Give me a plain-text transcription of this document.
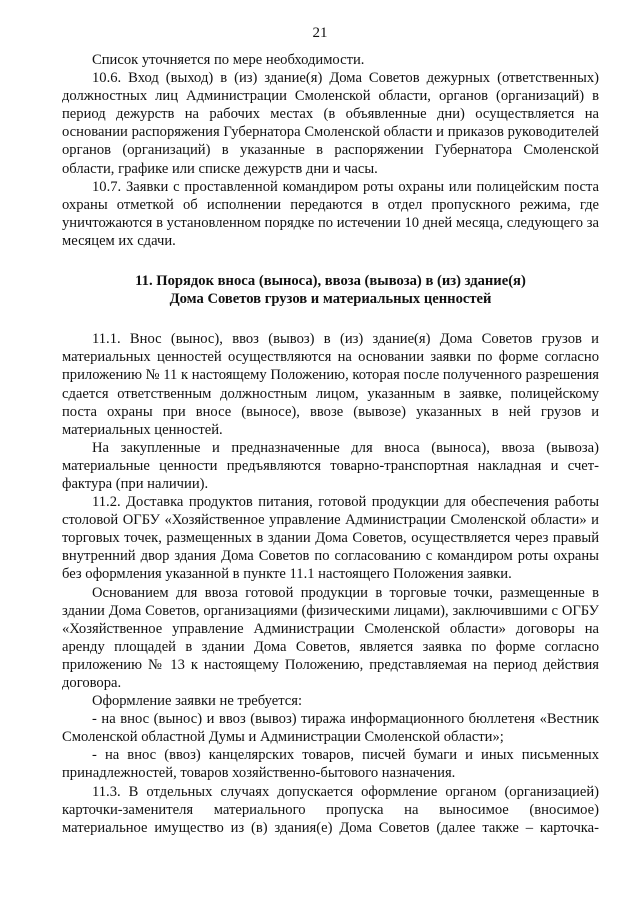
21

Список уточняется по мере необходимости.

10.6. Вход (выход) в (из) здание(я) Дома Советов дежурных (ответственных) должностных лиц Администрации Смоленской области, органов (организаций) в период дежурств на рабочих местах (в объявленные дни) осуществляется на основании распоряжения Губернатора Смоленской области и приказов руководителей органов (организаций) в указанные в распоряжении Губернатора Смоленской области, графике или списке дежурств дни и часы.

10.7. Заявки с проставленной командиром роты охраны или полицейским поста охраны отметкой об исполнении передаются в отдел пропускного режима, где уничтожаются в установленном порядке по истечении 10 дней месяца, следующего за месяцем их сдачи.

11. Порядок вноса (выноса), ввоза (вывоза) в (из) здание(я)
Дома Советов грузов и материальных ценностей

11.1. Внос (вынос), ввоз (вывоз) в (из) здание(я) Дома Советов грузов и материальных ценностей осуществляются на основании заявки по форме согласно приложению № 11 к настоящему Положению, которая после полученного разрешения сдается ответственным должностным лицом, указанным в заявке, полицейскому поста охраны при вносе (выносе), ввозе (вывозе) указанных в ней грузов и материальных ценностей.

На закупленные и предназначенные для вноса (выноса), ввоза (вывоза) материальные ценности предъявляются товарно-транспортная накладная и счет-фактура (при наличии).

11.2. Доставка продуктов питания, готовой продукции для обеспечения работы столовой ОГБУ «Хозяйственное управление Администрации Смоленской области» и торговых точек, размещенных в здании Дома Советов, осуществляется через правый внутренний двор здания Дома Советов по согласованию с командиром роты охраны без оформления указанной в пункте 11.1 настоящего Положения заявки.

Основанием для ввоза готовой продукции в торговые точки, размещенные в здании Дома Советов, организациями (физическими лицами), заключившими с ОГБУ «Хозяйственное управление Администрации Смоленской области» договоры на аренду площадей в здании Дома Советов, является заявка по форме согласно приложению № 13 к настоящему Положению, представляемая на период действия договора.

Оформление заявки не требуется:

- на внос (вынос) и ввоз (вывоз) тиража информационного бюллетеня «Вестник Смоленской областной Думы и Администрации Смоленской области»;

- на внос (ввоз) канцелярских товаров, писчей бумаги и иных письменных принадлежностей, товаров хозяйственно-бытового назначения.

11.3. В отдельных случаях допускается оформление органом (организацией) карточки-заменителя материального пропуска на выносимое (вносимое) материальное имущество из (в) здания(е) Дома Советов (далее также – карточка-
